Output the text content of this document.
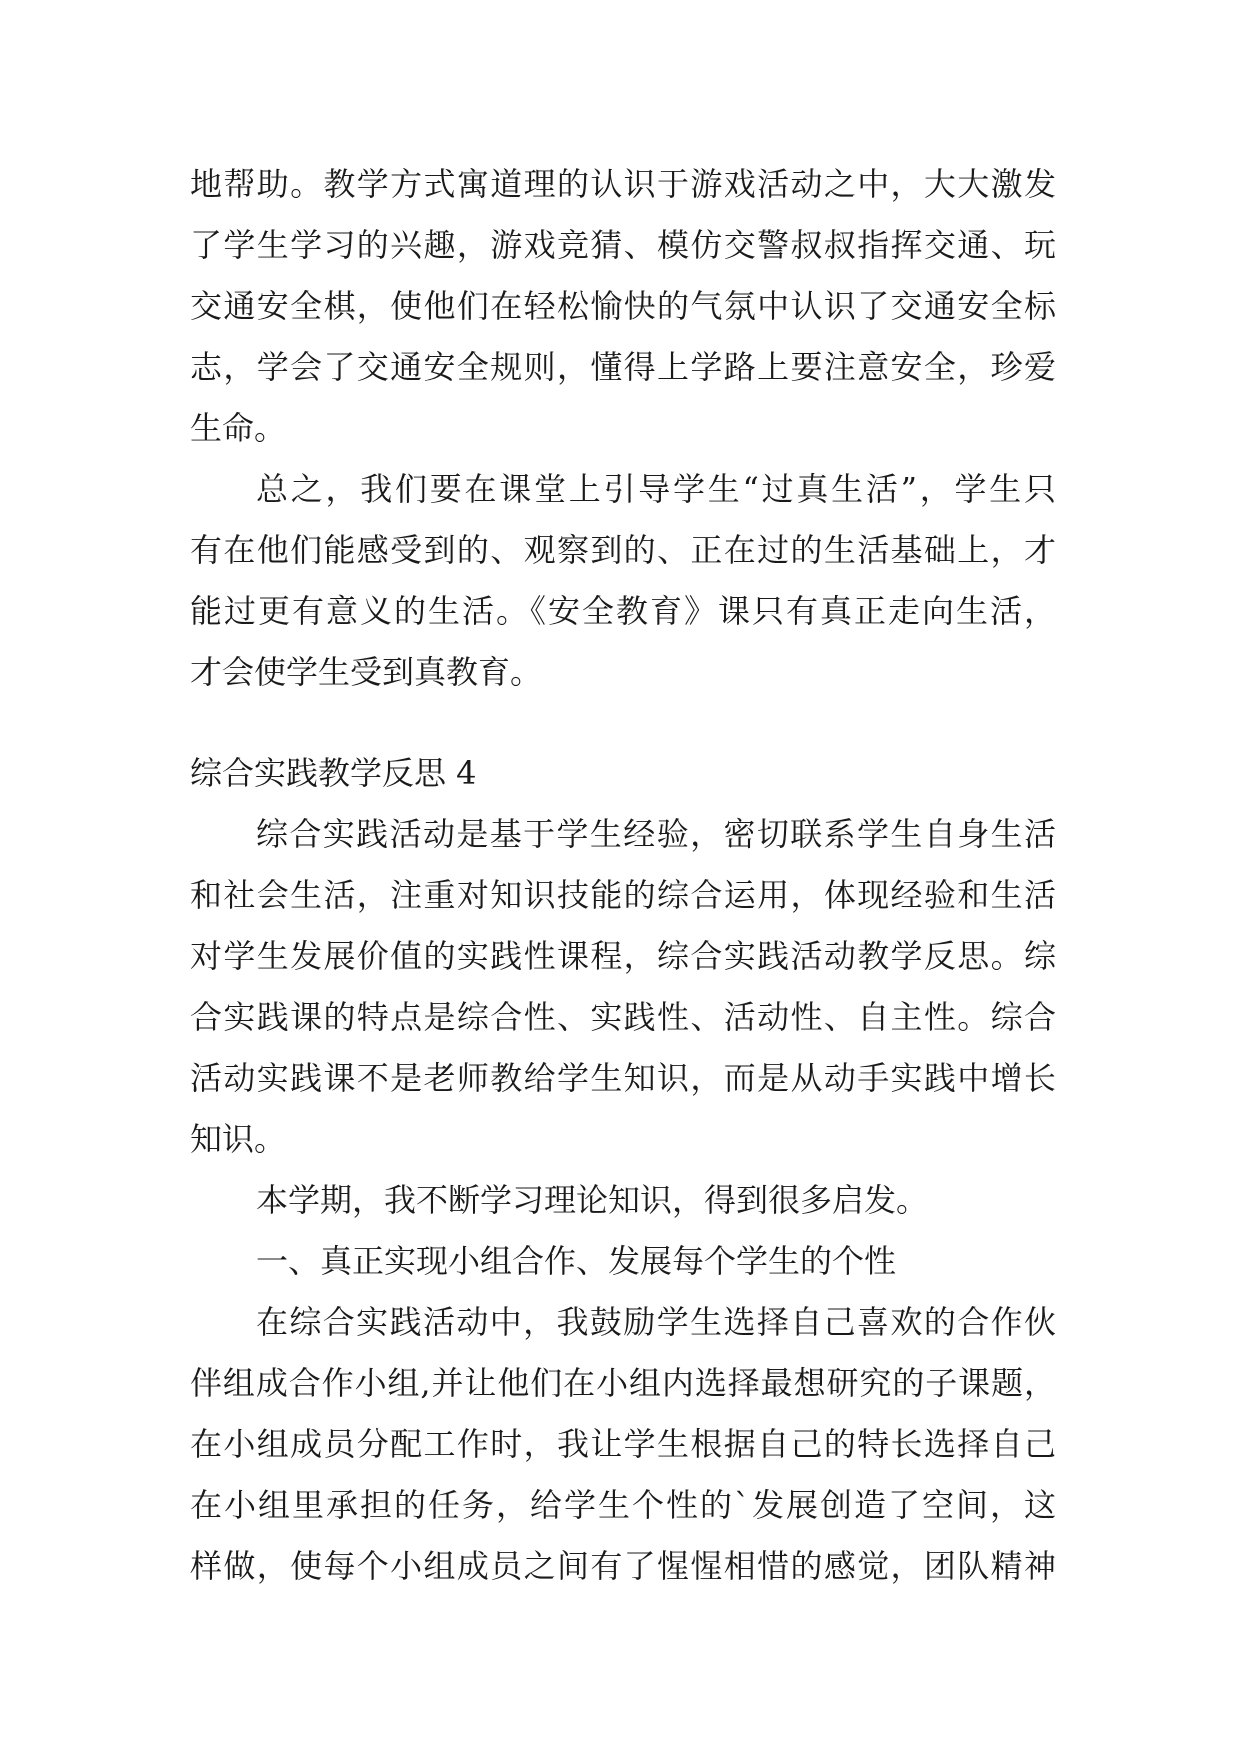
地帮助。教学方式寓道理的认识于游戏活动之中，大大激发
了学生学习的兴趣，游戏竞猜、模仿交警叔叔指挥交通、玩
交通安全棋，使他们在轻松愉快的气氛中认识了交通安全标
志，学会了交通安全规则，懂得上学路上要注意安全，珍爱
生命。
总之，我们要在课堂上引导学生“过真生活”，学生只
有在他们能感受到的、观察到的、正在过的生活基础上，才
能过更有意义的生活。《安全教育》课只有真正走向生活，
才会使学生受到真教育。
综合实践教学反思 4
综合实践活动是基于学生经验，密切联系学生自身生活
和社会生活，注重对知识技能的综合运用，体现经验和生活
对学生发展价值的实践性课程，综合实践活动教学反思。综
合实践课的特点是综合性、实践性、活动性、自主性。综合
活动实践课不是老师教给学生知识，而是从动手实践中增长
知识。
本学期，我不断学习理论知识，得到很多启发。
一、真正实现小组合作、发展每个学生的个性
在综合实践活动中，我鼓励学生选择自己喜欢的合作伙
伴组成合作小组,并让他们在小组内选择最想研究的子课题，
在小组成员分配工作时，我让学生根据自己的特长选择自己
在小组里承担的任务，给学生个性的`发展创造了空间，这
样做，使每个小组成员之间有了惺惺相惜的感觉，团队精神
